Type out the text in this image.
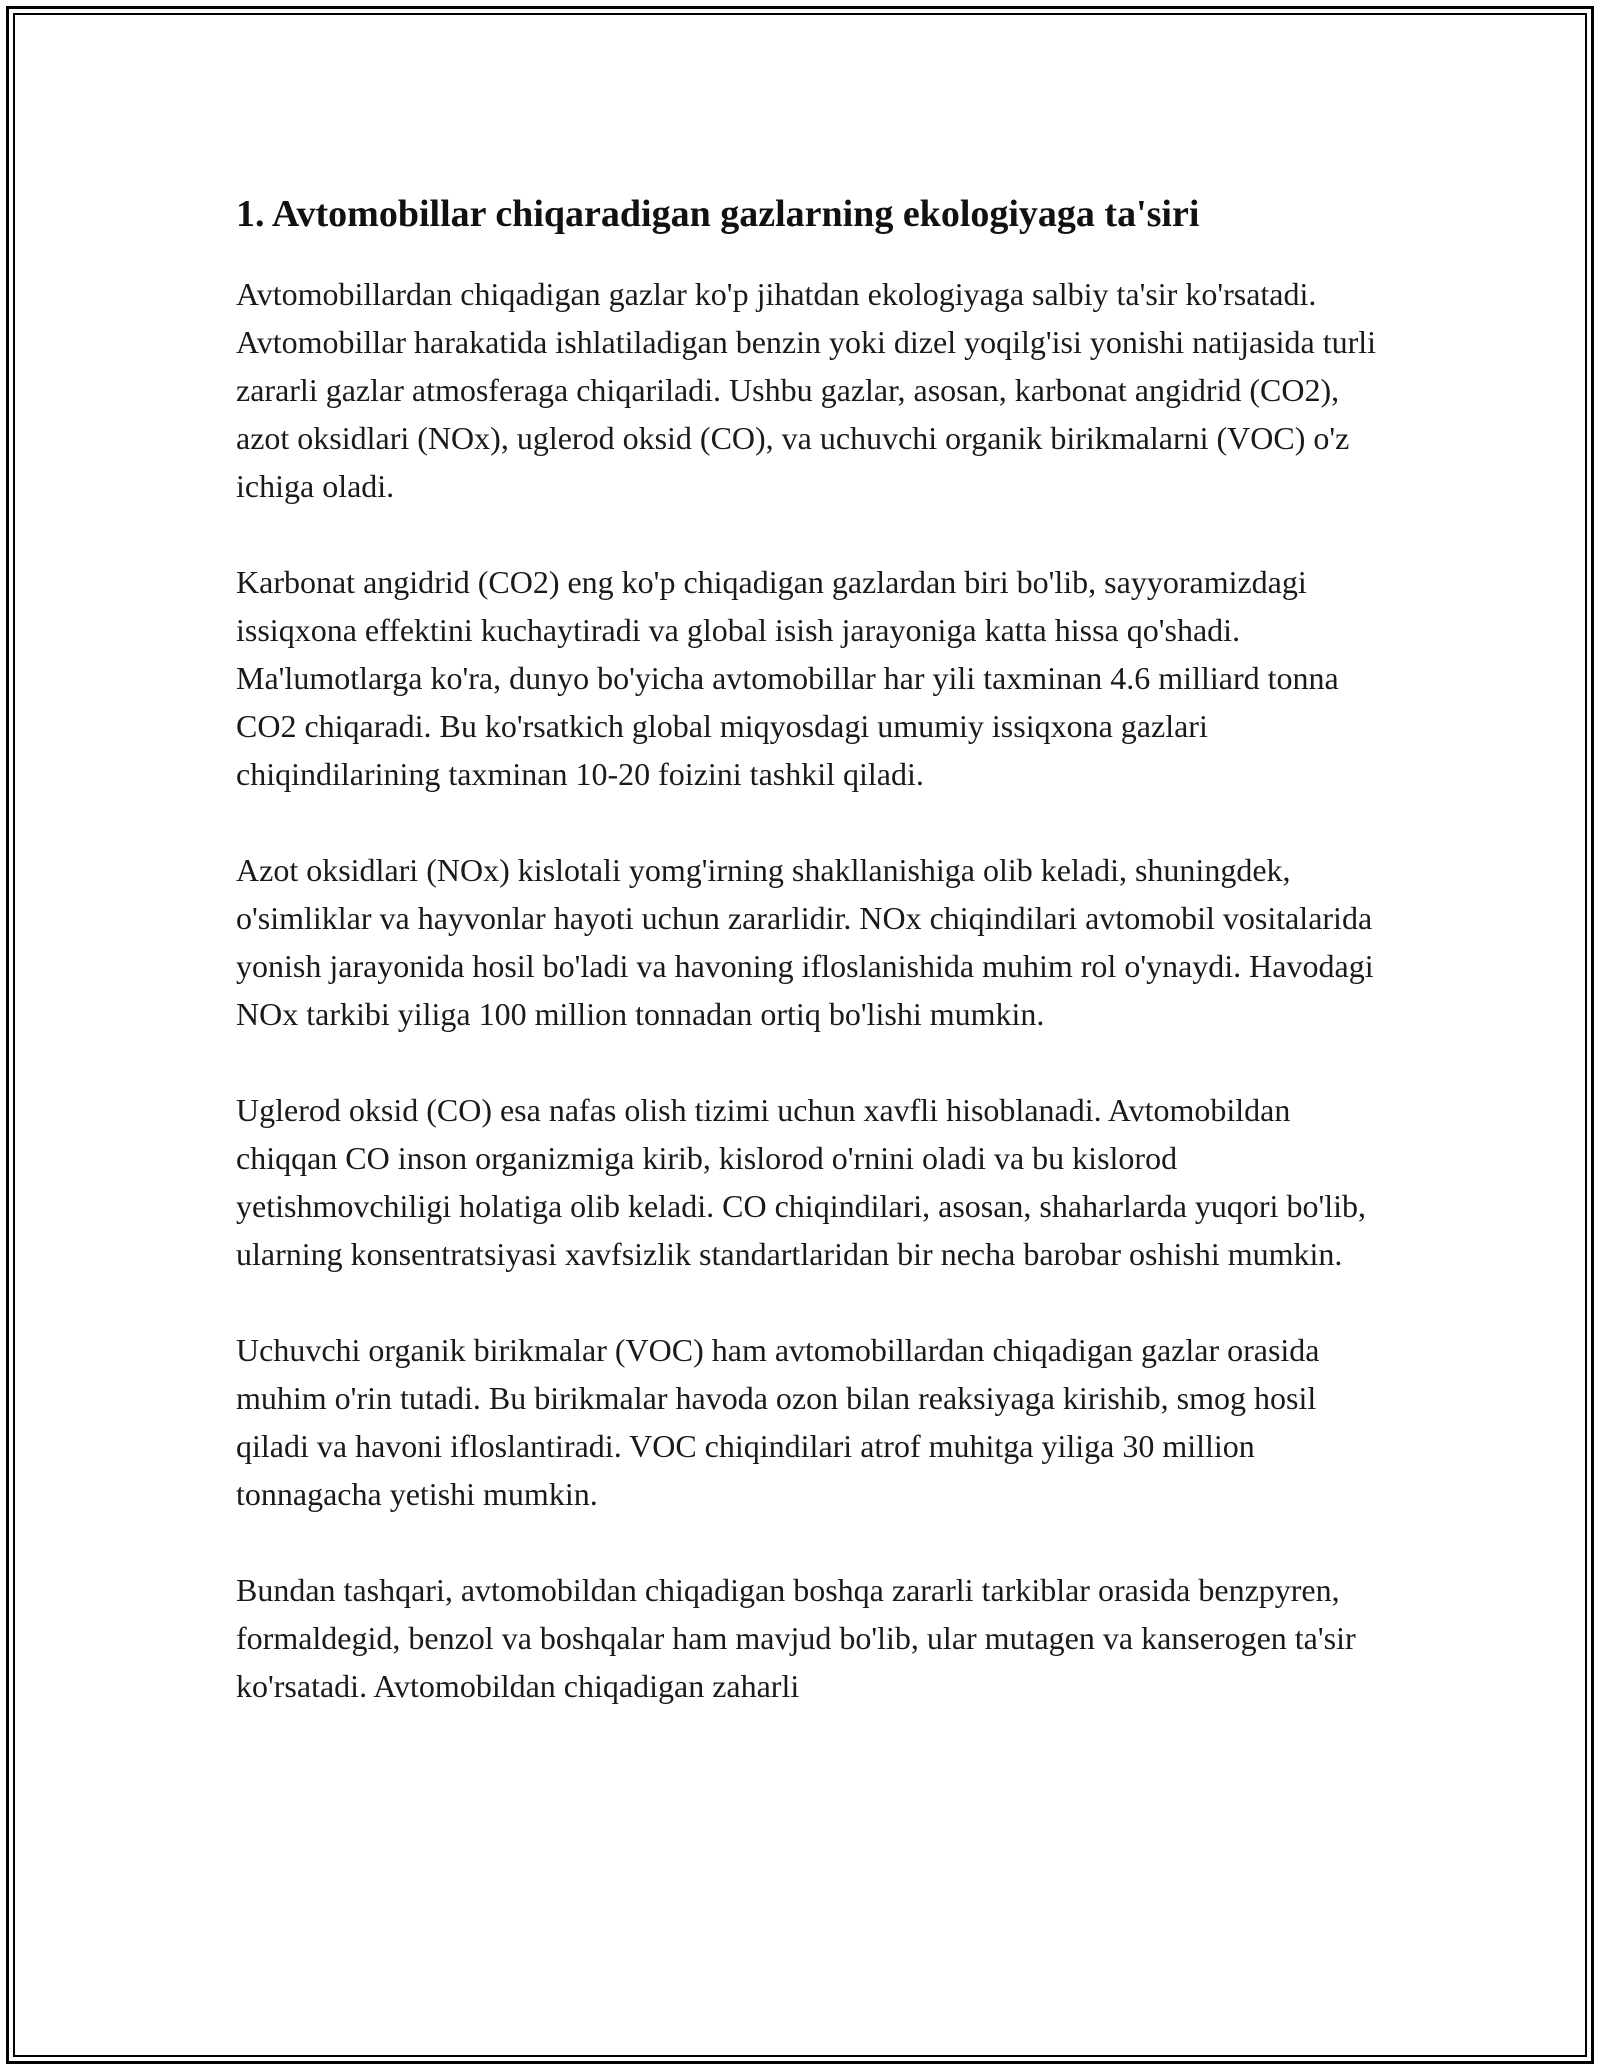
1. Avtomobillar chiqaradigan gazlarning ekologiyaga ta'siri

Avtomobillardan chiqadigan gazlar ko'p jihatdan ekologiyaga salbiy ta'sir ko'rsatadi. Avtomobillar harakatida ishlatiladigan benzin yoki dizel yoqilg'isi yonishi natijasida turli zararli gazlar atmosferaga chiqariladi. Ushbu gazlar, asosan, karbonat angidrid (CO2), azot oksidlari (NOx), uglerod oksid (CO), va uchuvchi organik birikmalarni (VOC) o'z ichiga oladi.

Karbonat angidrid (CO2) eng ko'p chiqadigan gazlardan biri bo'lib, sayyoramizdagi issiqxona effektini kuchaytiradi va global isish jarayoniga katta hissa qo'shadi. Ma'lumotlarga ko'ra, dunyo bo'yicha avtomobillar har yili taxminan 4.6 milliard tonna CO2 chiqaradi. Bu ko'rsatkich global miqyosdagi umumiy issiqxona gazlari chiqindilarining taxminan 10-20 foizini tashkil qiladi.

Azot oksidlari (NOx) kislotali yomg'irning shakllanishiga olib keladi, shuningdek, o'simliklar va hayvonlar hayoti uchun zararlidir. NOx chiqindilari avtomobil vositalarida yonish jarayonida hosil bo'ladi va havoning ifloslanishida muhim rol o'ynaydi. Havodagi NOx tarkibi yiliga 100 million tonnadan ortiq bo'lishi mumkin.

Uglerod oksid (CO) esa nafas olish tizimi uchun xavfli hisoblanadi. Avtomobildan chiqqan CO inson organizmiga kirib, kislorod o'rnini oladi va bu kislorod yetishmovchiligi holatiga olib keladi. CO chiqindilari, asosan, shaharlarda yuqori bo'lib, ularning konsentratsiyasi xavfsizlik standartlaridan bir necha barobar oshishi mumkin.

Uchuvchi organik birikmalar (VOC) ham avtomobillardan chiqadigan gazlar orasida muhim o'rin tutadi. Bu birikmalar havoda ozon bilan reaksiyaga kirishib, smog hosil qiladi va havoni ifloslantiradi. VOC chiqindilari atrof muhitga yiliga 30 million tonnagacha yetishi mumkin.

Bundan tashqari, avtomobildan chiqadigan boshqa zararli tarkiblar orasida benzpyren, formaldegid, benzol va boshqalar ham mavjud bo'lib, ular mutagen va kanserogen ta'sir ko'rsatadi. Avtomobildan chiqadigan zaharli
